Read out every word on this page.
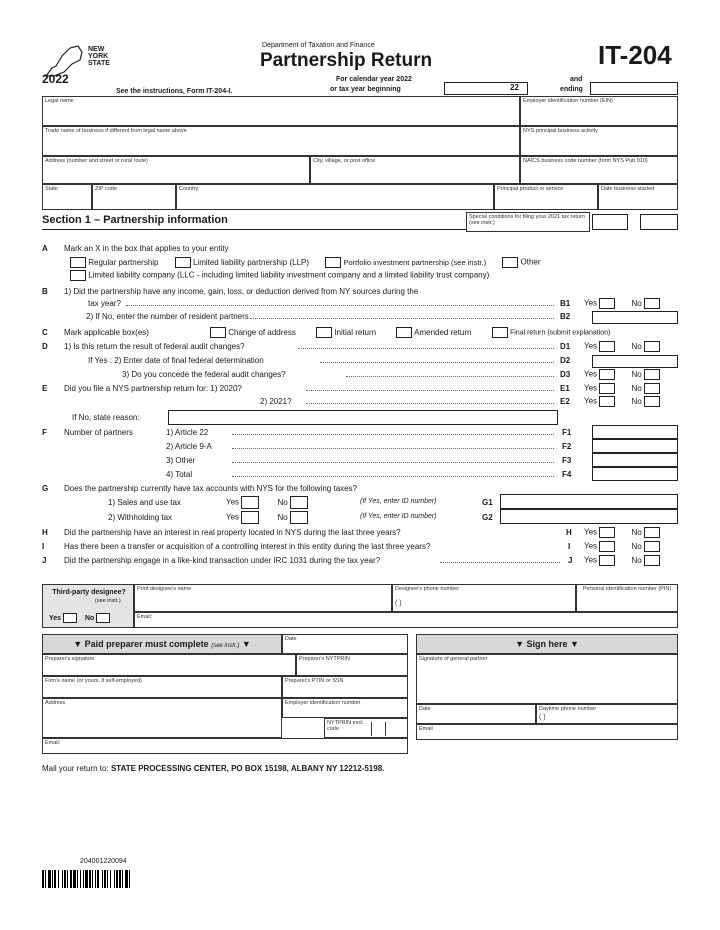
NEW
YORK
STATE
2022
Department of Taxation and Finance
Partnership Return	IT-204
See the instructions, Form IT-204-I.
For calendar year 2022
or tax year beginning	22
and
ending
Legal name	Employer identification number (EIN)
Trade name of business if different from legal name above	NYS principal business activity
Address (number and street or rural route)	City, village, or post office	NAICS business code number (from NYS Pub 910)
State	ZIP code	Country	Principal product or service	Date business started
Section 1 – Partnership information	Special conditions for filing your 2021 tax return (see instr.)
A Mark an X in the box that applies to your entity
Regular partnership	Limited liability partnership (LLP)	Portfolio investment partnership (see instr.)	Other
Limited liability company (LLC - including limited liability investment company and a limited liability trust company)
B 1) Did the partnership have any income, gain, loss, or deduction derived from NY sources during the
tax year?	B1 Yes	No
2) If No, enter the number of resident partners	B2
C Mark applicable box(es)	Change of address	Initial return	Amended return	Final return (submit explanation)
D 1) Is this return the result of federal audit changes?	D1 Yes	No
If Yes : 2) Enter date of final federal determination	D2
3) Do you concede the federal audit changes?	D3 Yes	No
E Did you file a NYS partnership return for: 1) 2020?	E1 Yes	No
2) 2021?	E2 Yes	No
If No, state reason:
F Number of partners	1) Article 22	F1
2) Article 9-A	F2
3) Other	F3
4) Total	F4
G Does the partnership currently have tax accounts with NYS for the following taxes?
1) Sales and use tax	Yes	No	(If Yes, enter ID number)	G1
2) Withholding tax	Yes	No	(If Yes, enter ID number)	G2
H Did the partnership have an interest in real property located in NYS during the last three years?	H Yes	No
I Has there been a transfer or acquisition of a controlling interest in this entity during the last three years?	I Yes	No
J Did the partnership engage in a like-kind transaction under IRC 1031 during the tax year?	J Yes	No
Third-party designee?
(see instr.)
Yes	No
Print designee's name	Designee's phone number
( )
Personal identification number (PIN)
Email:
▼ Paid preparer must complete (see instr.) ▼	Date
Preparer's signature	Preparer's NYTPRIN
Firm's name (or yours, if self-employed)	Preparer's PTIN or SSN
Address	Employer identification number
NYTPRIN excl. code
Email:
▼ Sign here ▼
Signature of general partner
Date	Daytime phone number
( )
Email
Mail your return to: STATE PROCESSING CENTER, PO BOX 15198, ALBANY NY 12212-5198.
204001220094
